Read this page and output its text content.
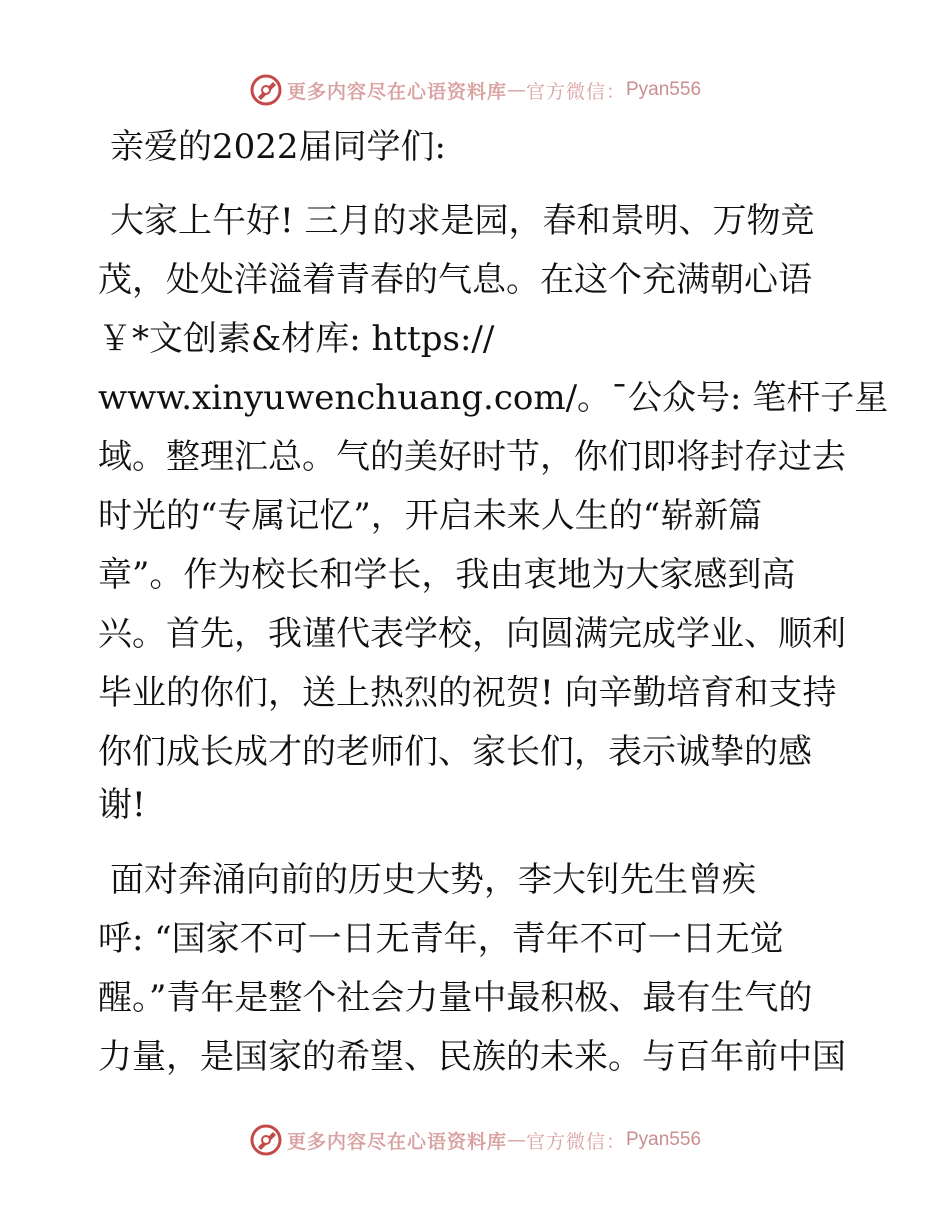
更多内容尽在心语资料库 — 官方微信： Pyan556
亲爱的2022届同学们:
大家上午好! 三月的求是园，春和景明、万物竞
茂，处处洋溢着青春的气息。在这个充满朝心语
￥*文创素&材库: https://
www.xinyuwenchuang.com/。¯公众号: 笔杆子星
域。整理汇总。气的美好时节，你们即将封存过去
时光的“专属记忆”，开启未来人生的“崭新篇
章”。作为校长和学长，我由衷地为大家感到高
兴。首先，我谨代表学校，向圆满完成学业、顺利
毕业的你们，送上热烈的祝贺! 向辛勤培育和支持
你们成长成才的老师们、家长们，表示诚挚的感
谢!
面对奔涌向前的历史大势，李大钊先生曾疾
呼: “国家不可一日无青年，青年不可一日无觉
醒。”青年是整个社会力量中最积极、最有生气的
力量，是国家的希望、民族的未来。与百年前中国
更多内容尽在心语资料库 — 官方微信： Pyan556
